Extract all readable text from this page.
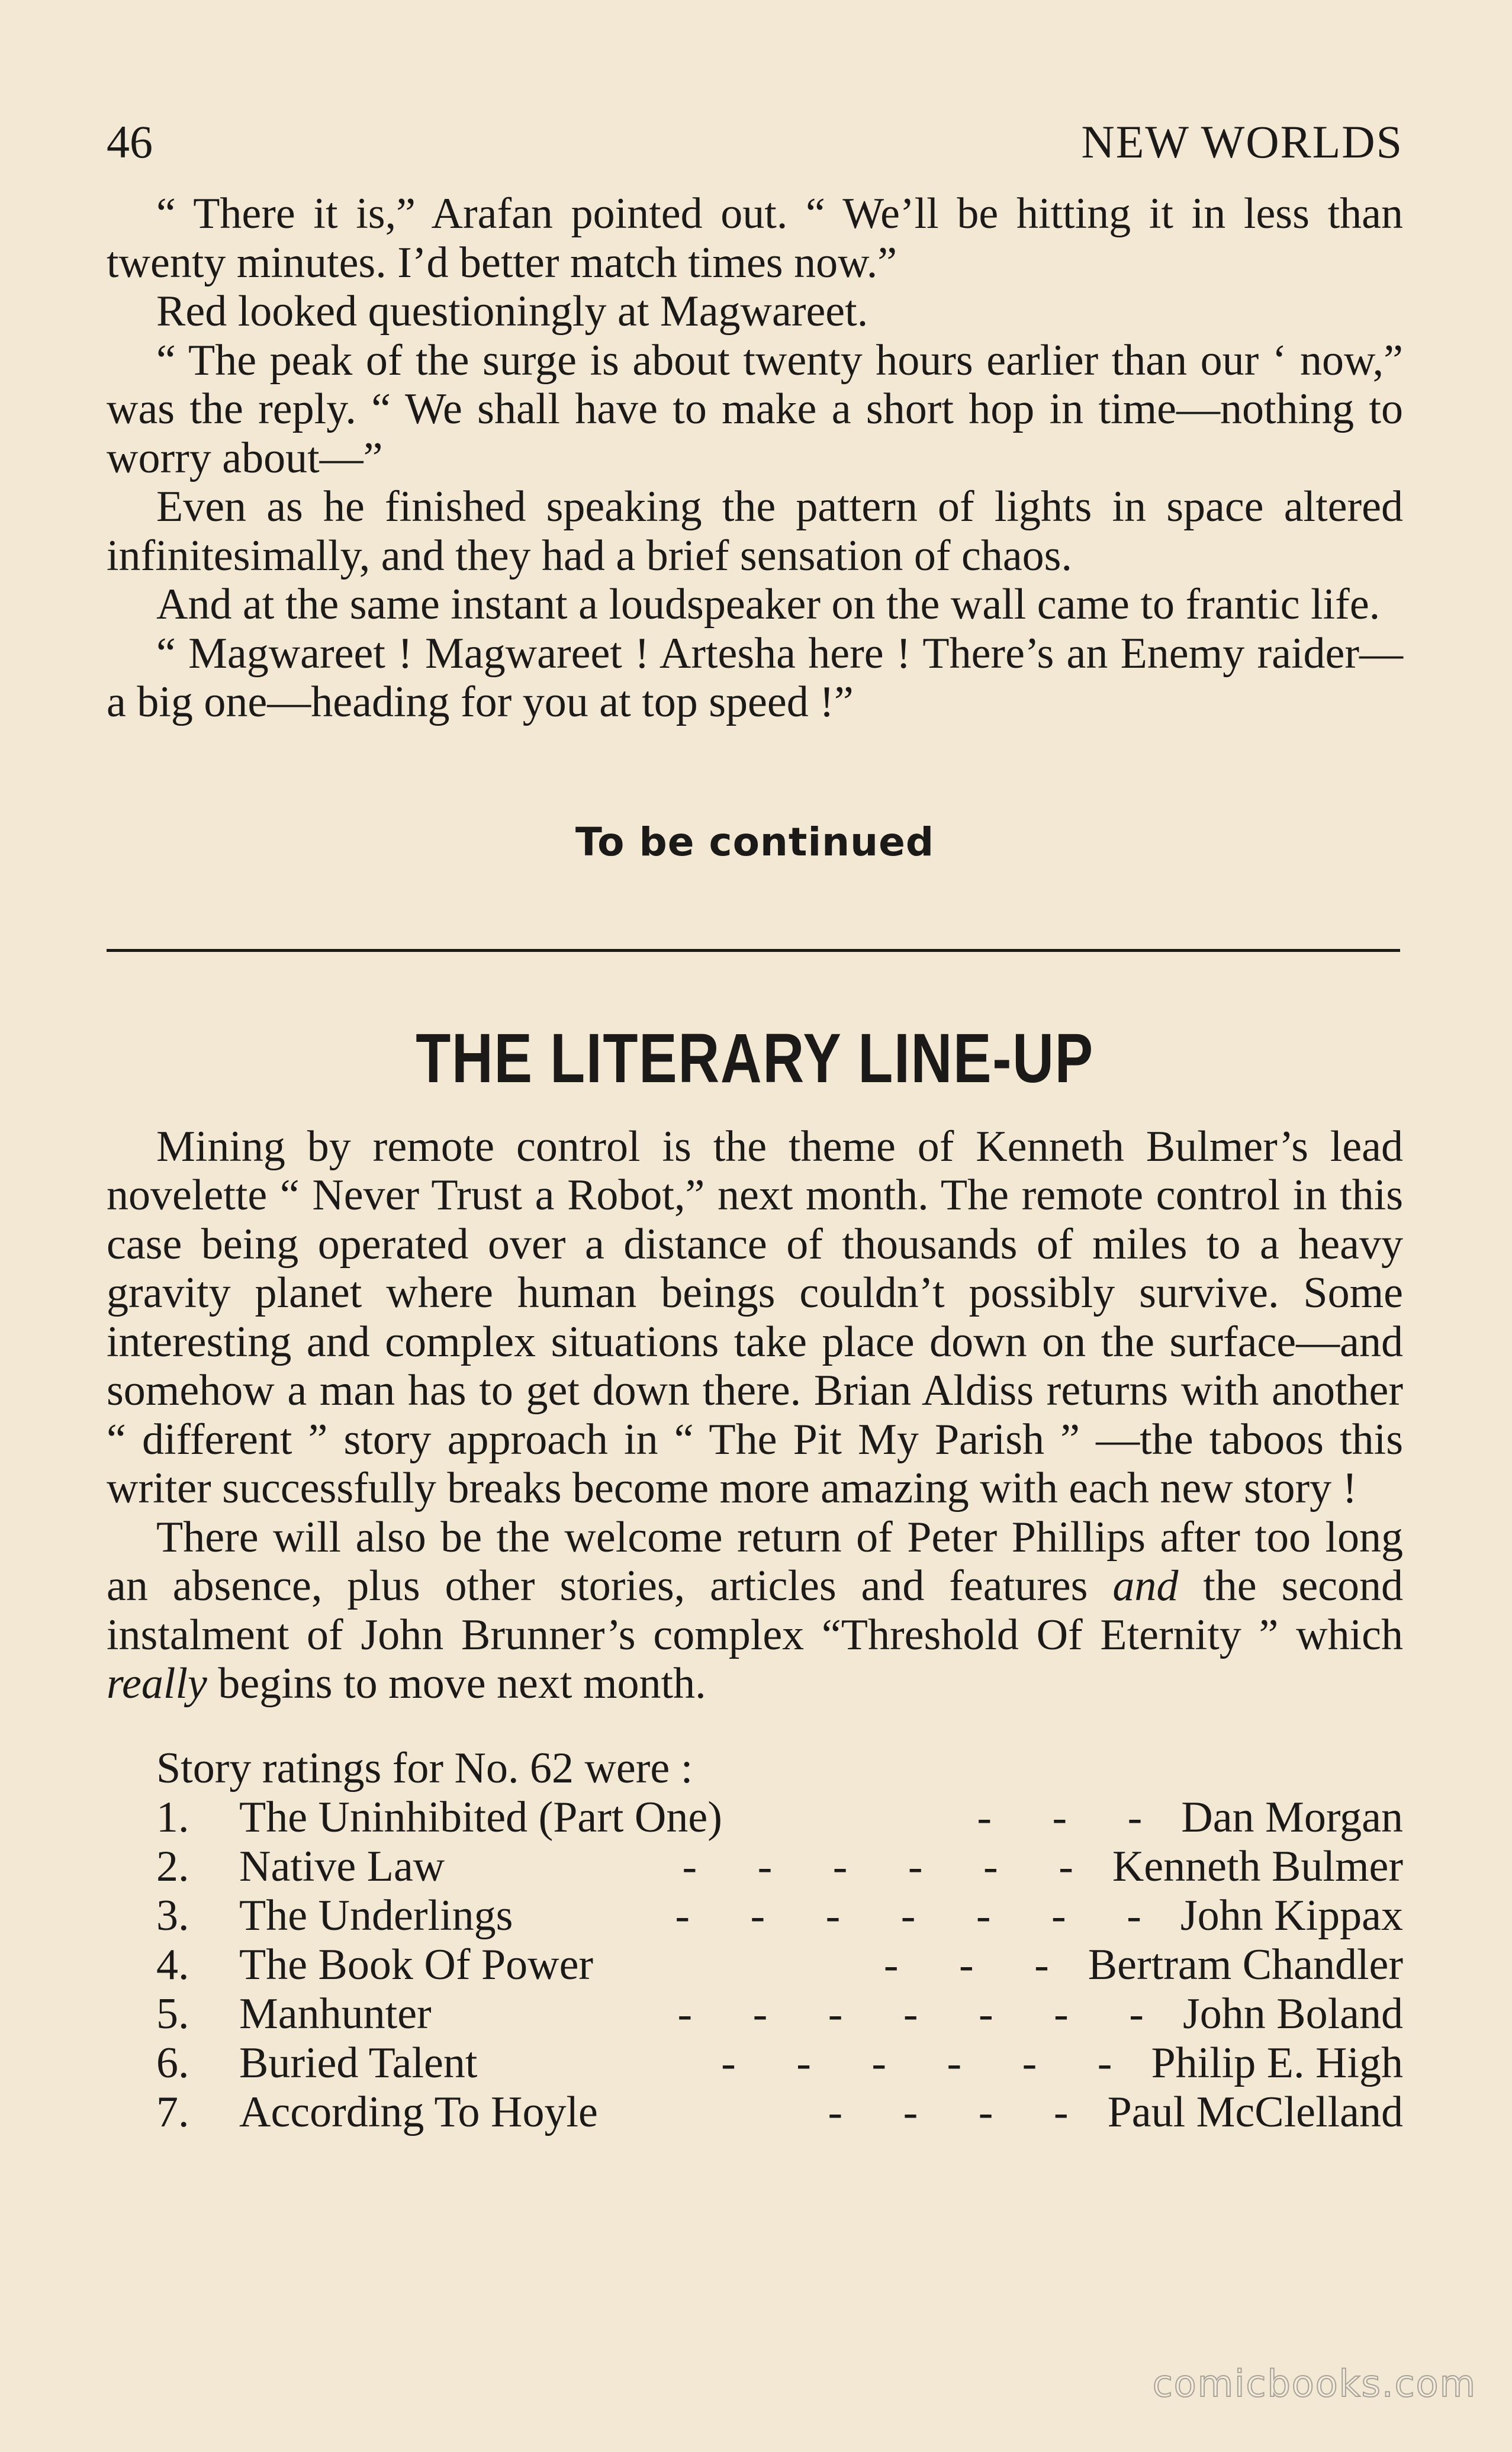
46	NEW WORLDS

“ There it is,” Arafan pointed out. “ We’ll be hitting it in less than twenty minutes. I’d better match times now.”

Red looked questioningly at Magwareet.

“ The peak of the surge is about twenty hours earlier than our ‘ now,” was the reply. “ We shall have to make a short hop in time—nothing to worry about—”

Even as he finished speaking the pattern of lights in space altered infinitesimally, and they had a brief sensation of chaos.

And at the same instant a loudspeaker on the wall came to frantic life.

“ Magwareet ! Magwareet ! Artesha here ! There’s an Enemy raider—a big one—heading for you at top speed !”

To be continued
THE LITERARY LINE-UP

Mining by remote control is the theme of Kenneth Bulmer’s lead novelette “ Never Trust a Robot,” next month. The remote control in this case being operated over a distance of thousands of miles to a heavy gravity planet where human beings couldn’t possibly survive. Some interesting and complex situations take place down on the surface—and somehow a man has to get down there. Brian Aldiss returns with another “ different ” story approach in “ The Pit My Parish ” —the taboos this writer successfully breaks become more amazing with each new story !

There will also be the welcome return of Peter Phillips after too long an absence, plus other stories, articles and features and the second instalment of John Brunner’s complex “Threshold Of Eternity ” which really begins to move next month.

Story ratings for No. 62 were :
1.	The Uninhibited (Part One)	- - - Dan Morgan
2.	Native Law	- - - - - - Kenneth Bulmer
3.	The Underlings	- - - - - - - John Kippax
4.	The Book Of Power	- - - Bertram Chandler
5.	Manhunter	- - - - - - - John Boland
6.	Buried Talent	- - - - - - Philip E. High
7.	According To Hoyle	- - - - Paul McClelland
comicbooks.com
